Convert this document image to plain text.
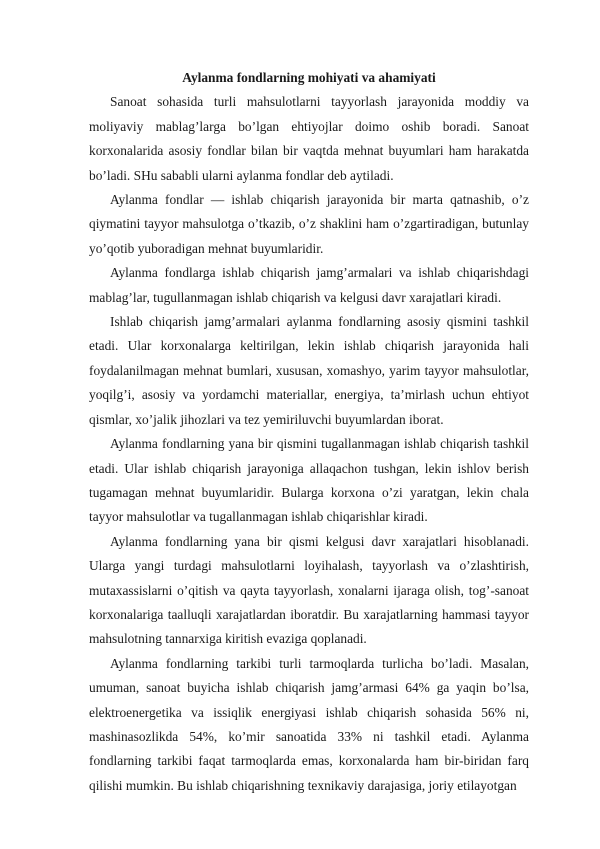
Aylanma fondlarning mohiyati va ahamiyati

Sanoat sohasida turli mahsulotlarni tayyorlash jarayonida moddiy va moliyaviy mablag’larga bo’lgan ehtiyojlar doimo oshib boradi. Sanoat korxonalarida asosiy fondlar bilan bir vaqtda mehnat buyumlari ham harakatda bo’ladi. SHu sababli ularni aylanma fondlar deb aytiladi.

Aylanma fondlar — ishlab chiqarish jarayonida bir marta qatnashib, o’z qiymatini tayyor mahsulotga o’tkazib, o’z shaklini ham o’zgartiradigan, butunlay yo’qotib yuboradigan mehnat buyumlaridir.

Aylanma fondlarga ishlab chiqarish jamg’armalari va ishlab chiqarishdagi mablag’lar, tugullanmagan ishlab chiqarish va kelgusi davr xarajatlari kiradi.

Ishlab chiqarish jamg’armalari aylanma fondlarning asosiy qismini tashkil etadi. Ular korxonalarga keltirilgan, lekin ishlab chiqarish jarayonida hali foydalanilmagan mehnat bumlari, xususan, xomashyo, yarim tayyor mahsulotlar, yoqilg’i, asosiy va yordamchi materiallar, energiya, ta’mirlash uchun ehtiyot qismlar, xo’jalik jihozlari va tez yemiriluvchi buyumlardan iborat.

Aylanma fondlarning yana bir qismini tugallanmagan ishlab chiqarish tashkil etadi. Ular ishlab chiqarish jarayoniga allaqachon tushgan, lekin ishlov berish tugamagan mehnat buyumlaridir. Bularga korxona o’zi yaratgan, lekin chala tayyor mahsulotlar va tugallanmagan ishlab chiqarishlar kiradi.

Aylanma fondlarning yana bir qismi kelgusi davr xarajatlari hisoblanadi. Ularga yangi turdagi mahsulotlarni loyihalash, tayyorlash va o’zlashtirish, mutaxassislarni o’qitish va qayta tayyorlash, xonalarni ijaraga olish, tog’-sanoat korxonalariga taalluqli xarajatlardan iboratdir. Bu xarajatlarning hammasi tayyor mahsulotning tannarxiga kiritish evaziga qoplanadi.

Aylanma fondlarning tarkibi turli tarmoqlarda turlicha bo’ladi. Masalan, umuman, sanoat buyicha ishlab chiqarish jamg’armasi 64% ga yaqin bo’lsa, elektroenergetika va issiqlik energiyasi ishlab chiqarish sohasida 56% ni, mashinasozlikda 54%, ko’mir sanoatida 33% ni tashkil etadi. Aylanma fondlarning tarkibi faqat tarmoqlarda emas, korxonalarda ham bir-biridan farq qilishi mumkin. Bu ishlab chiqarishning texnikaviy darajasiga, joriy etilayotgan
